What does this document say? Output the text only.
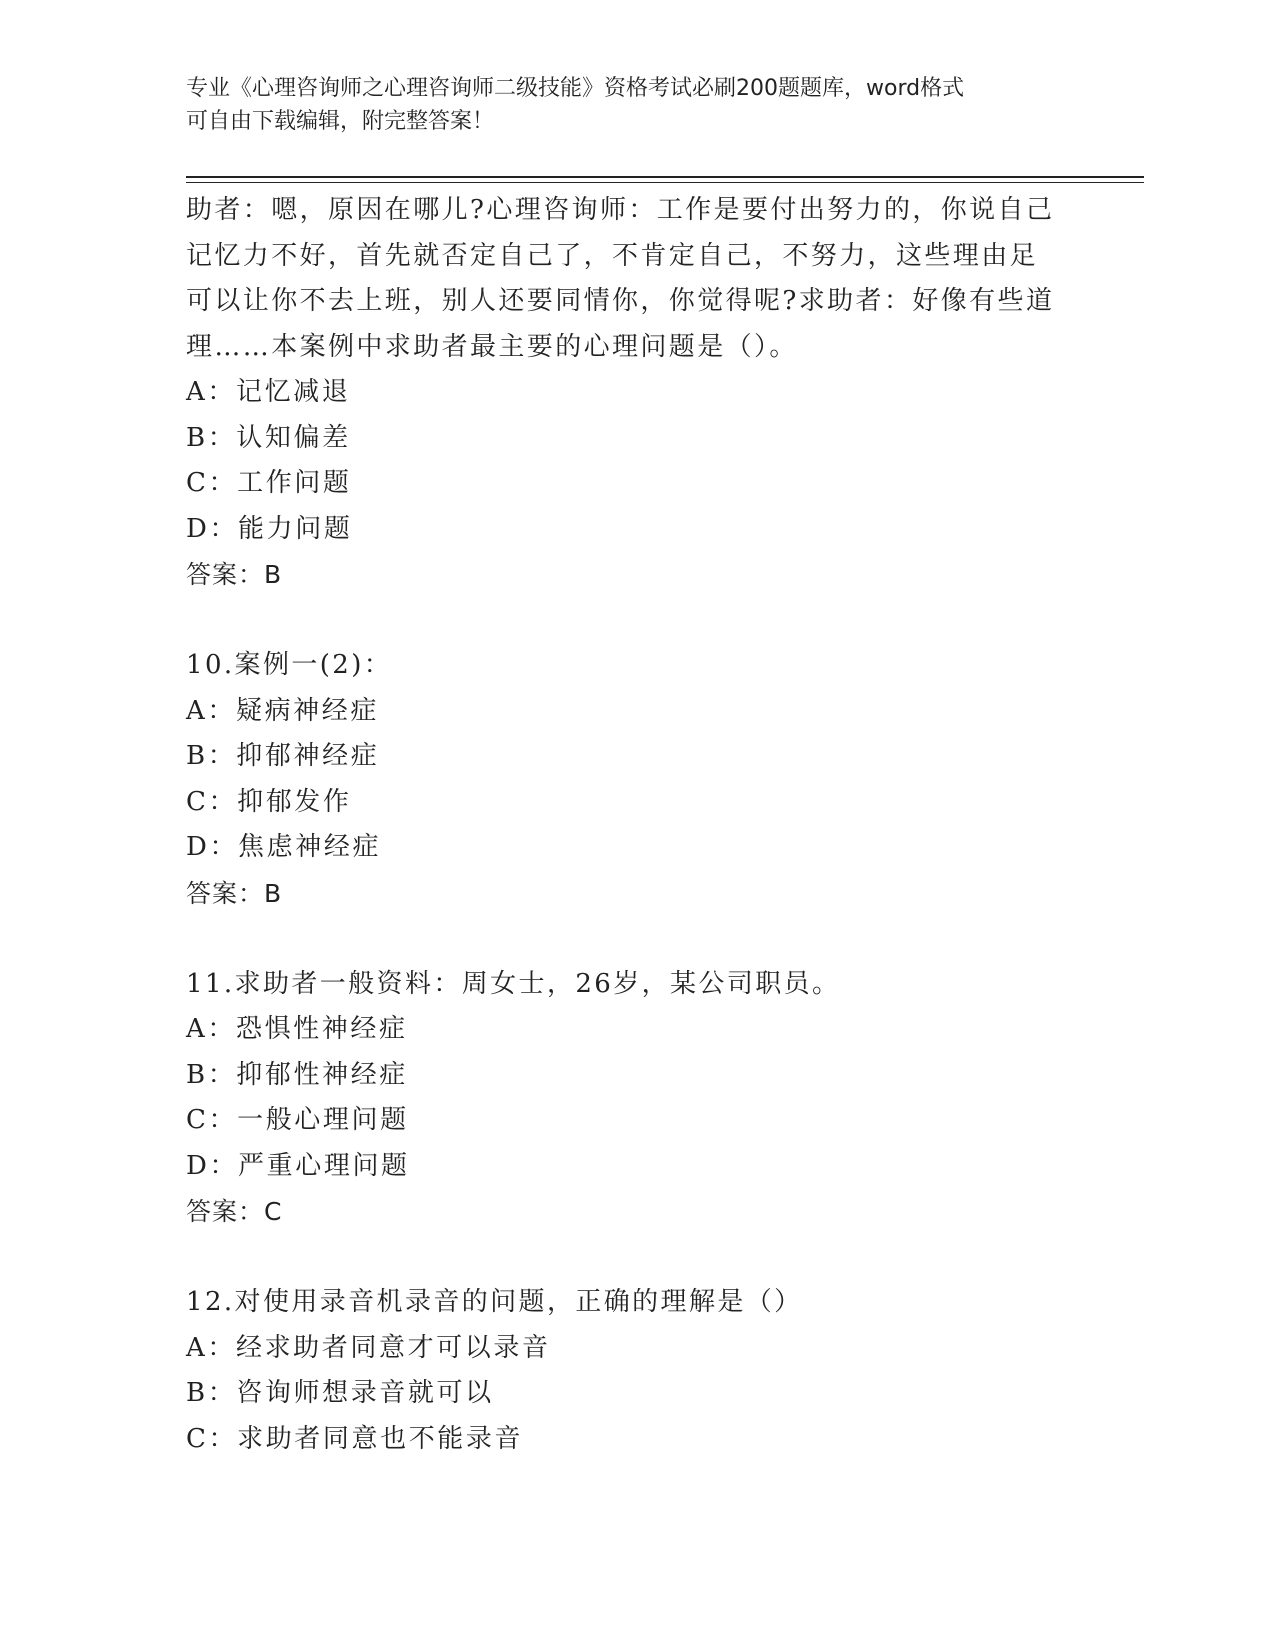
专业《心理咨询师之心理咨询师二级技能》资格考试必刷200题题库，word格式
可自由下载编辑，附完整答案！
助者：嗯，原因在哪儿?心理咨询师：工作是要付出努力的，你说自己
记忆力不好，首先就否定自己了，不肯定自己，不努力，这些理由足
可以让你不去上班，别人还要同情你，你觉得呢?求助者：好像有些道
理……本案例中求助者最主要的心理问题是（）。
A：记忆减退
B：认知偏差
C：工作问题
D：能力问题
答案：B
10.案例一(2)：
A：疑病神经症
B：抑郁神经症
C：抑郁发作
D：焦虑神经症
答案：B
11.求助者一般资料：周女士，26岁，某公司职员。
A：恐惧性神经症
B：抑郁性神经症
C：一般心理问题
D：严重心理问题
答案：C
12.对使用录音机录音的问题，正确的理解是（）
A：经求助者同意才可以录音
B：咨询师想录音就可以
C：求助者同意也不能录音
